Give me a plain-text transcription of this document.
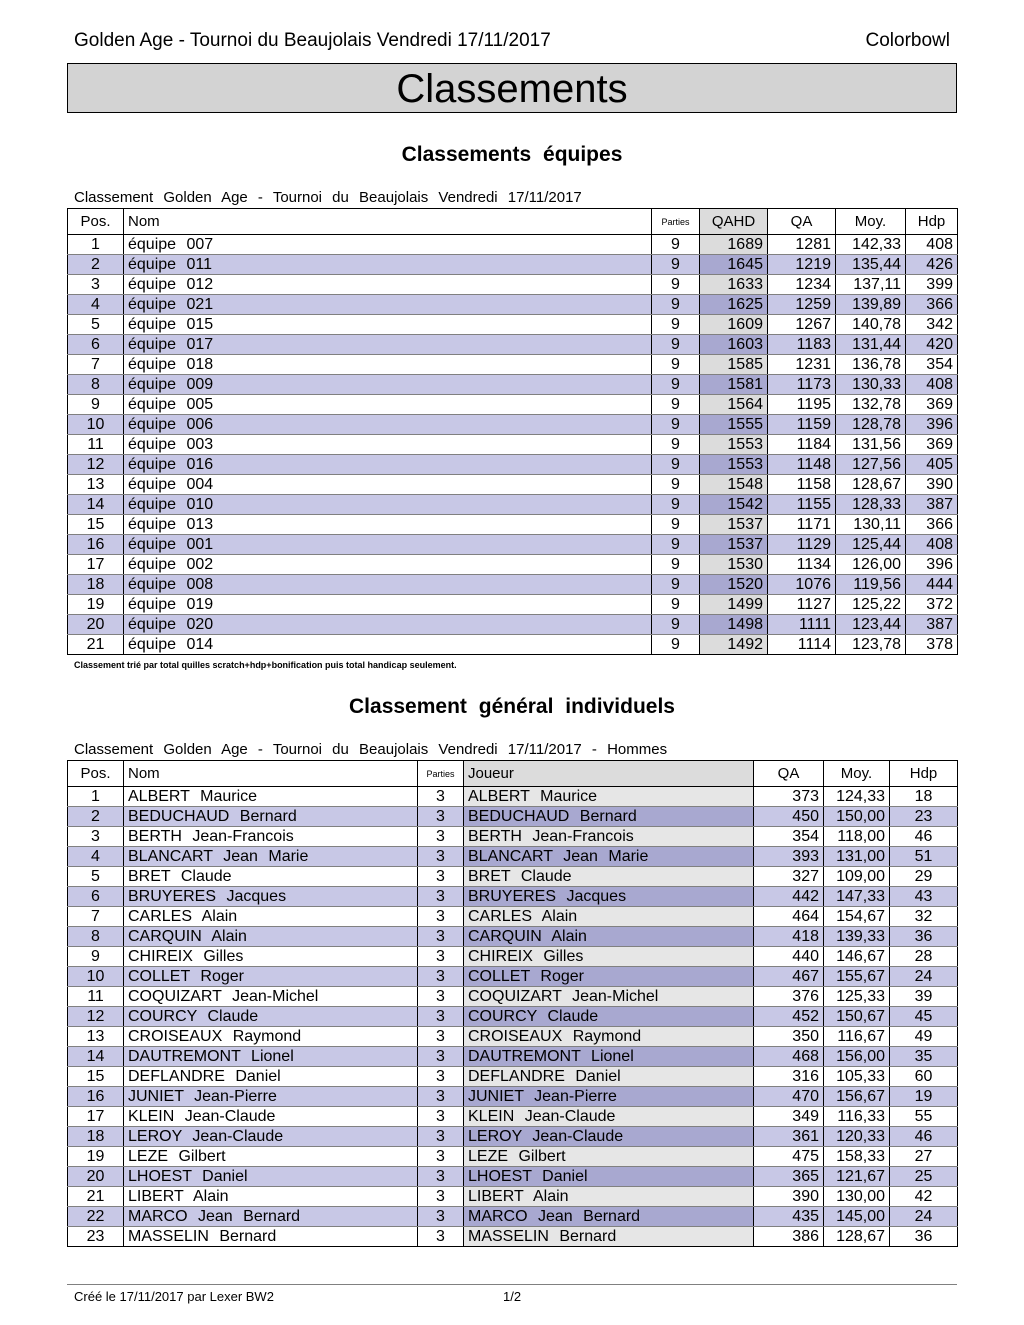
Golden Age - Tournoi du Beaujolais Vendredi 17/11/2017	Colorbowl
Classements
Classements équipes
Classement Golden Age - Tournoi du Beaujolais Vendredi 17/11/2017
Pos.	Nom	Parties	QAHD	QA	Moy.	Hdp
1	équipe 007	9	1689	1281	142,33	408
2	équipe 011	9	1645	1219	135,44	426
3	équipe 012	9	1633	1234	137,11	399
4	équipe 021	9	1625	1259	139,89	366
5	équipe 015	9	1609	1267	140,78	342
6	équipe 017	9	1603	1183	131,44	420
7	équipe 018	9	1585	1231	136,78	354
8	équipe 009	9	1581	1173	130,33	408
9	équipe 005	9	1564	1195	132,78	369
10	équipe 006	9	1555	1159	128,78	396
11	équipe 003	9	1553	1184	131,56	369
12	équipe 016	9	1553	1148	127,56	405
13	équipe 004	9	1548	1158	128,67	390
14	équipe 010	9	1542	1155	128,33	387
15	équipe 013	9	1537	1171	130,11	366
16	équipe 001	9	1537	1129	125,44	408
17	équipe 002	9	1530	1134	126,00	396
18	équipe 008	9	1520	1076	119,56	444
19	équipe 019	9	1499	1127	125,22	372
20	équipe 020	9	1498	1111	123,44	387
21	équipe 014	9	1492	1114	123,78	378
Classement trié par total quilles scratch+hdp+bonification puis total handicap seulement.
Classement général individuels
Classement Golden Age - Tournoi du Beaujolais Vendredi 17/11/2017 - Hommes
Pos.	Nom	Parties	Joueur	QA	Moy.	Hdp
1	ALBERT Maurice	3	ALBERT Maurice	373	124,33	18
2	BEDUCHAUD Bernard	3	BEDUCHAUD Bernard	450	150,00	23
3	BERTH Jean-Francois	3	BERTH Jean-Francois	354	118,00	46
4	BLANCART Jean Marie	3	BLANCART Jean Marie	393	131,00	51
5	BRET Claude	3	BRET Claude	327	109,00	29
6	BRUYERES Jacques	3	BRUYERES Jacques	442	147,33	43
7	CARLES Alain	3	CARLES Alain	464	154,67	32
8	CARQUIN Alain	3	CARQUIN Alain	418	139,33	36
9	CHIREIX Gilles	3	CHIREIX Gilles	440	146,67	28
10	COLLET Roger	3	COLLET Roger	467	155,67	24
11	COQUIZART Jean-Michel	3	COQUIZART Jean-Michel	376	125,33	39
12	COURCY Claude	3	COURCY Claude	452	150,67	45
13	CROISEAUX Raymond	3	CROISEAUX Raymond	350	116,67	49
14	DAUTREMONT Lionel	3	DAUTREMONT Lionel	468	156,00	35
15	DEFLANDRE Daniel	3	DEFLANDRE Daniel	316	105,33	60
16	JUNIET Jean-Pierre	3	JUNIET Jean-Pierre	470	156,67	19
17	KLEIN Jean-Claude	3	KLEIN Jean-Claude	349	116,33	55
18	LEROY Jean-Claude	3	LEROY Jean-Claude	361	120,33	46
19	LEZE Gilbert	3	LEZE Gilbert	475	158,33	27
20	LHOEST Daniel	3	LHOEST Daniel	365	121,67	25
21	LIBERT Alain	3	LIBERT Alain	390	130,00	42
22	MARCO Jean Bernard	3	MARCO Jean Bernard	435	145,00	24
23	MASSELIN Bernard	3	MASSELIN Bernard	386	128,67	36
Créé le 17/11/2017 par Lexer BW2	1/2
